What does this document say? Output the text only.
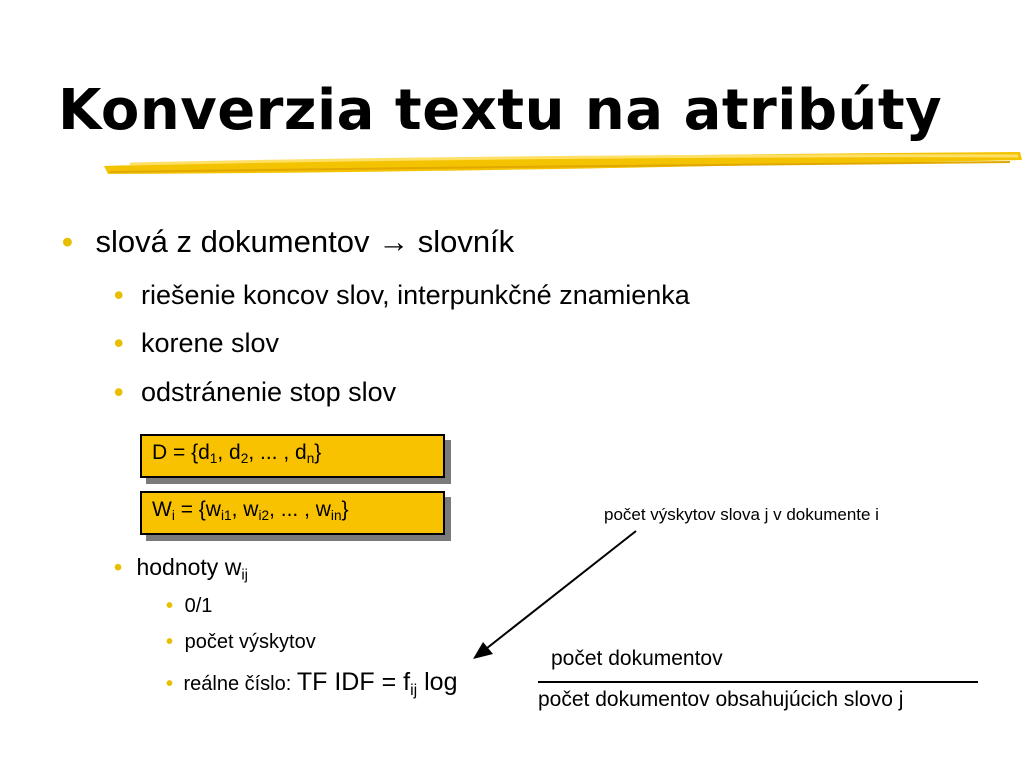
Konverzia textu na atribúty
• slová z dokumentov → slovník
• riešenie koncov slov, interpunkčné znamienka
• korene slov
• odstránenie stop slov
$D = \{d_1$, $d_2$, ... , $d_n$}
$W_i = \{w_{i1}$, $w_{i2}$, ... , $w_{in}$}	počet výskytov slova j v dokumente i
• hodnoty $w_{ij}$
• 0/1
• počet výskytov
• reálne číslo: TF IDF = $f_{ij}$ log
počet dokumentov
počet dokumentov obsahujúcich slovo j
